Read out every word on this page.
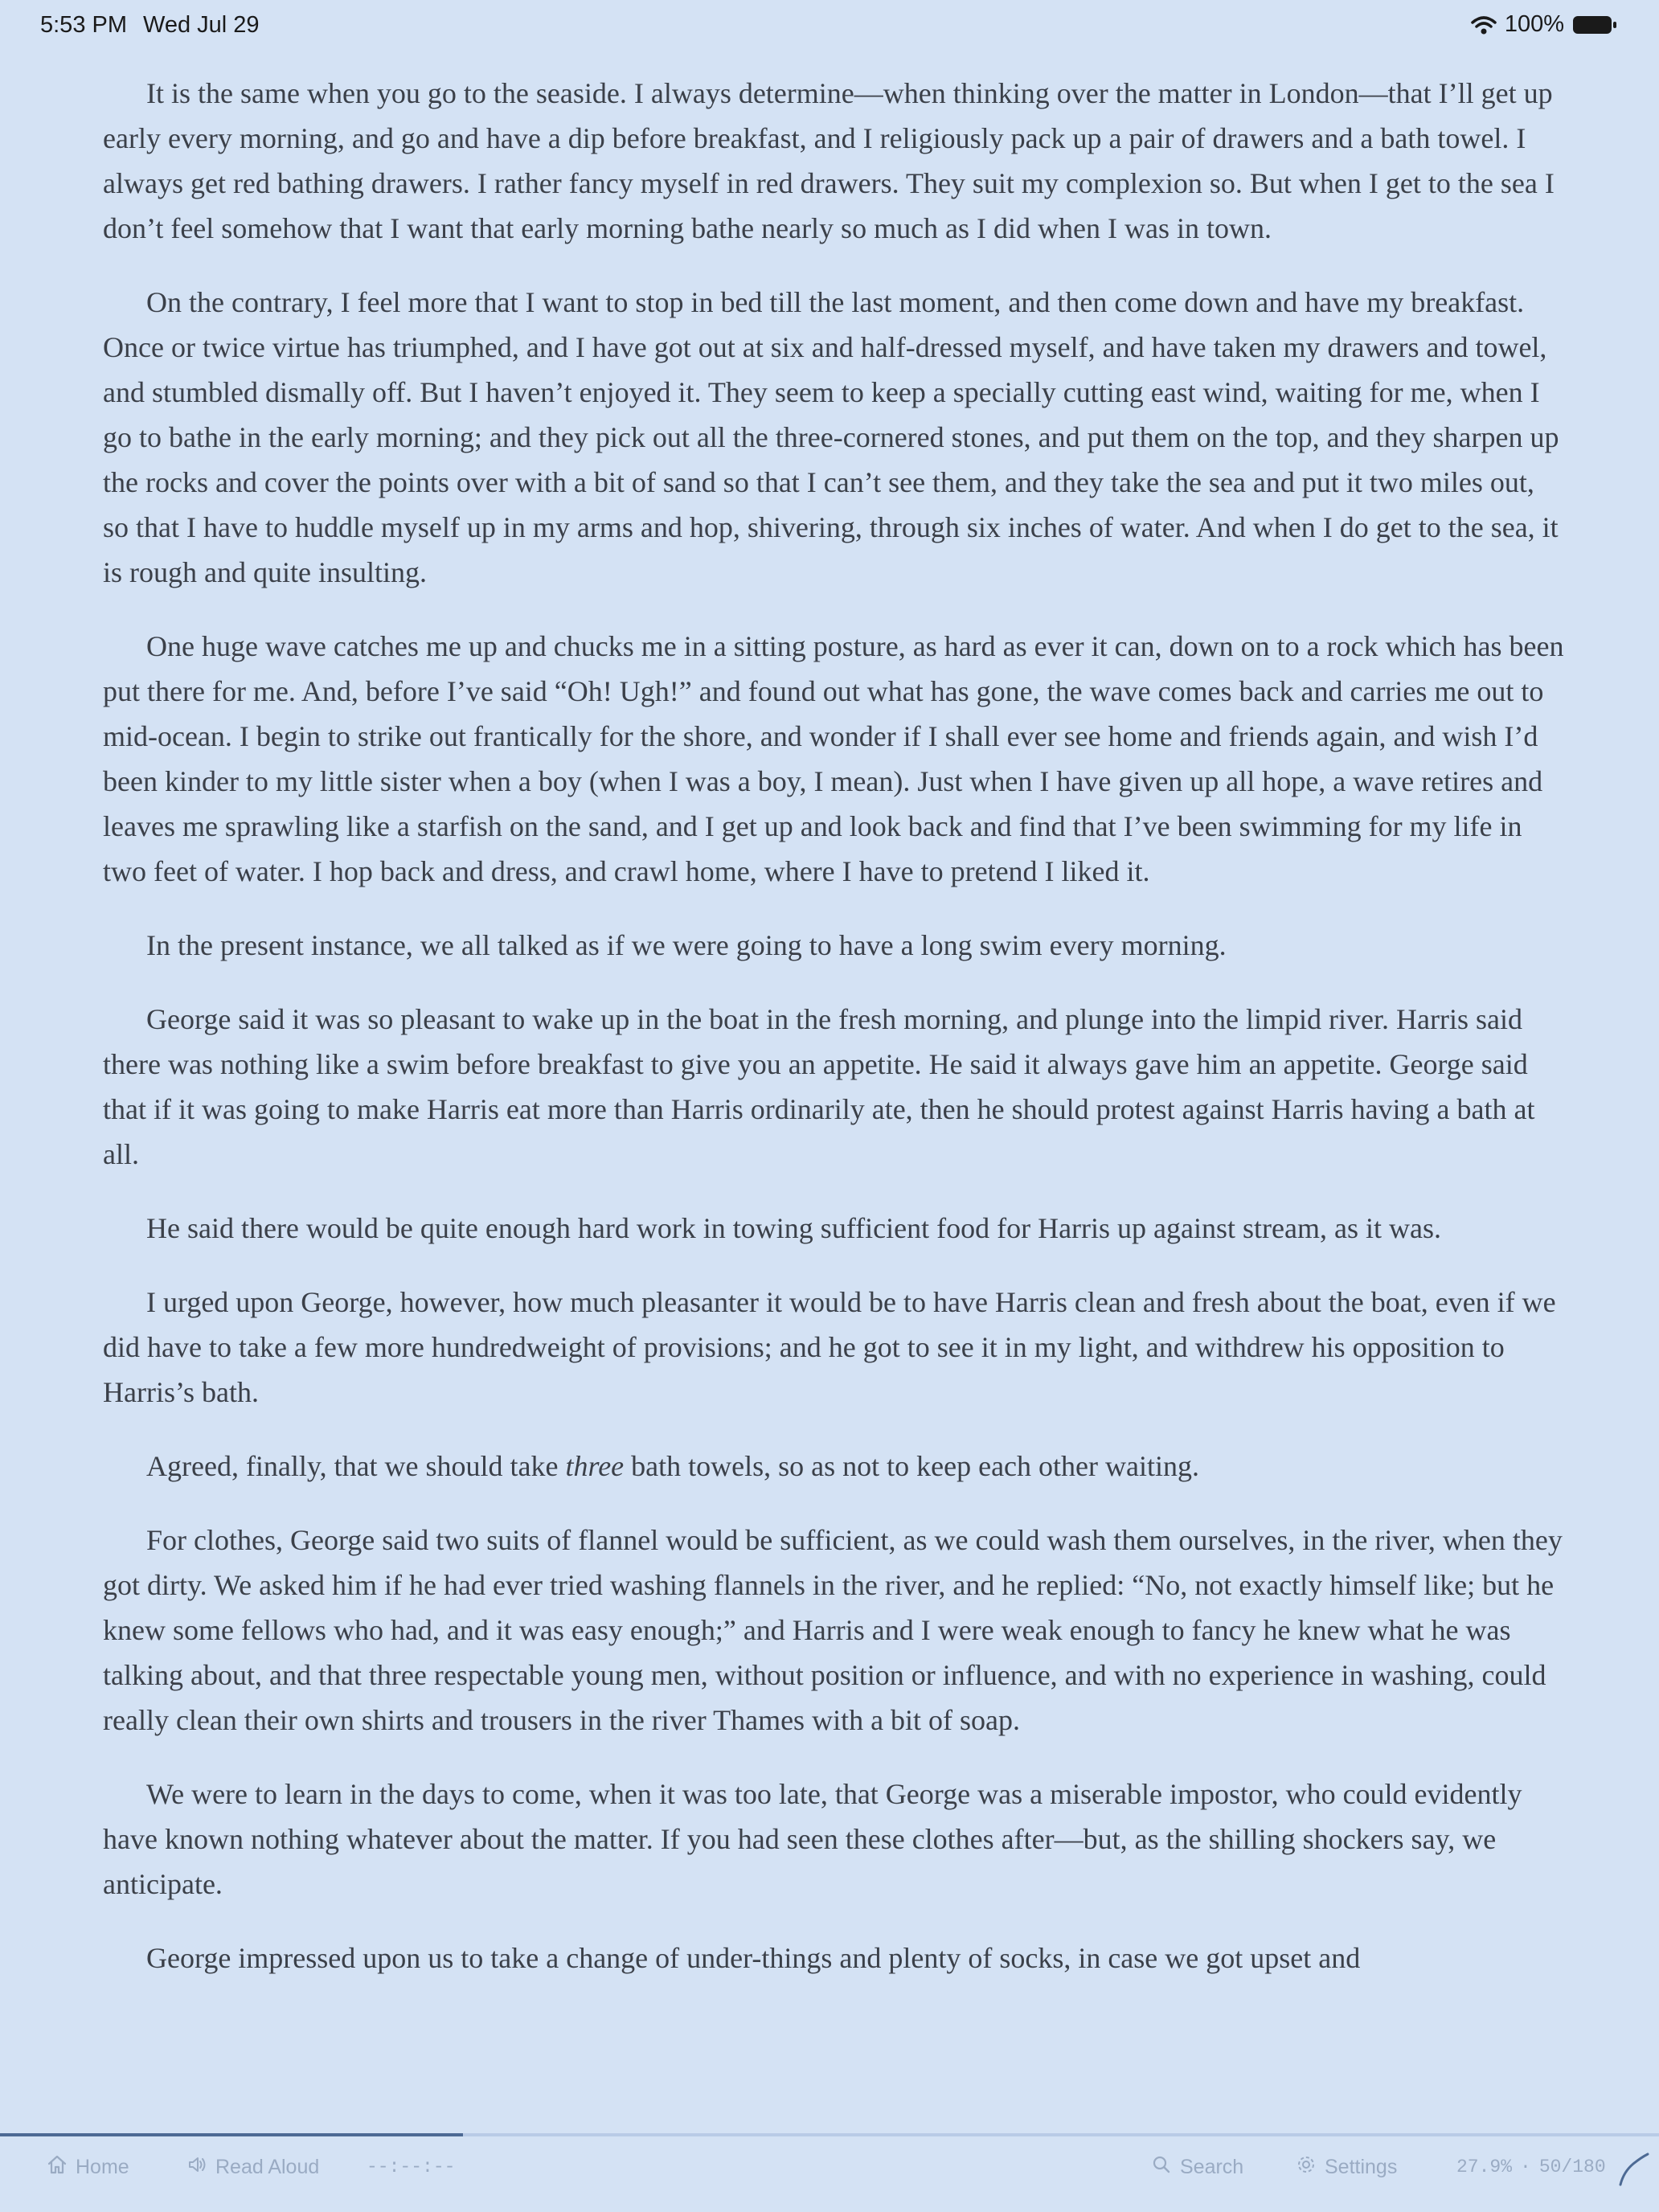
5:53 PM Wed Jul 29	100%

It is the same when you go to the seaside. I always determine—when thinking over the matter in London—that I’ll get up early every morning, and go and have a dip before breakfast, and I religiously pack up a pair of drawers and a bath towel. I always get red bathing drawers. I rather fancy myself in red drawers. They suit my complexion so. But when I get to the sea I don’t feel somehow that I want that early morning bathe nearly so much as I did when I was in town.

On the contrary, I feel more that I want to stop in bed till the last moment, and then come down and have my breakfast. Once or twice virtue has triumphed, and I have got out at six and half-dressed myself, and have taken my drawers and towel, and stumbled dismally off. But I haven’t enjoyed it. They seem to keep a specially cutting east wind, waiting for me, when I go to bathe in the early morning; and they pick out all the three-cornered stones, and put them on the top, and they sharpen up the rocks and cover the points over with a bit of sand so that I can’t see them, and they take the sea and put it two miles out, so that I have to huddle myself up in my arms and hop, shivering, through six inches of water. And when I do get to the sea, it is rough and quite insulting.

One huge wave catches me up and chucks me in a sitting posture, as hard as ever it can, down on to a rock which has been put there for me. And, before I’ve said “Oh! Ugh!” and found out what has gone, the wave comes back and carries me out to mid-ocean. I begin to strike out frantically for the shore, and wonder if I shall ever see home and friends again, and wish I’d been kinder to my little sister when a boy (when I was a boy, I mean). Just when I have given up all hope, a wave retires and leaves me sprawling like a starfish on the sand, and I get up and look back and find that I’ve been swimming for my life in two feet of water. I hop back and dress, and crawl home, where I have to pretend I liked it.

In the present instance, we all talked as if we were going to have a long swim every morning.

George said it was so pleasant to wake up in the boat in the fresh morning, and plunge into the limpid river. Harris said there was nothing like a swim before breakfast to give you an appetite. He said it always gave him an appetite. George said that if it was going to make Harris eat more than Harris ordinarily ate, then he should protest against Harris having a bath at all.

He said there would be quite enough hard work in towing sufficient food for Harris up against stream, as it was.

I urged upon George, however, how much pleasanter it would be to have Harris clean and fresh about the boat, even if we did have to take a few more hundredweight of provisions; and he got to see it in my light, and withdrew his opposition to Harris’s bath.

Agreed, finally, that we should take three bath towels, so as not to keep each other waiting.

For clothes, George said two suits of flannel would be sufficient, as we could wash them ourselves, in the river, when they got dirty. We asked him if he had ever tried washing flannels in the river, and he replied: “No, not exactly himself like; but he knew some fellows who had, and it was easy enough;” and Harris and I were weak enough to fancy he knew what he was talking about, and that three respectable young men, without position or influence, and with no experience in washing, could really clean their own shirts and trousers in the river Thames with a bit of soap.

We were to learn in the days to come, when it was too late, that George was a miserable impostor, who could evidently have known nothing whatever about the matter. If you had seen these clothes after—but, as the shilling shockers say, we anticipate.

George impressed upon us to take a change of under-things and plenty of socks, in case we got upset and

Home	Read Aloud	--:--:--	Search	Settings	27.9% · 50/180
